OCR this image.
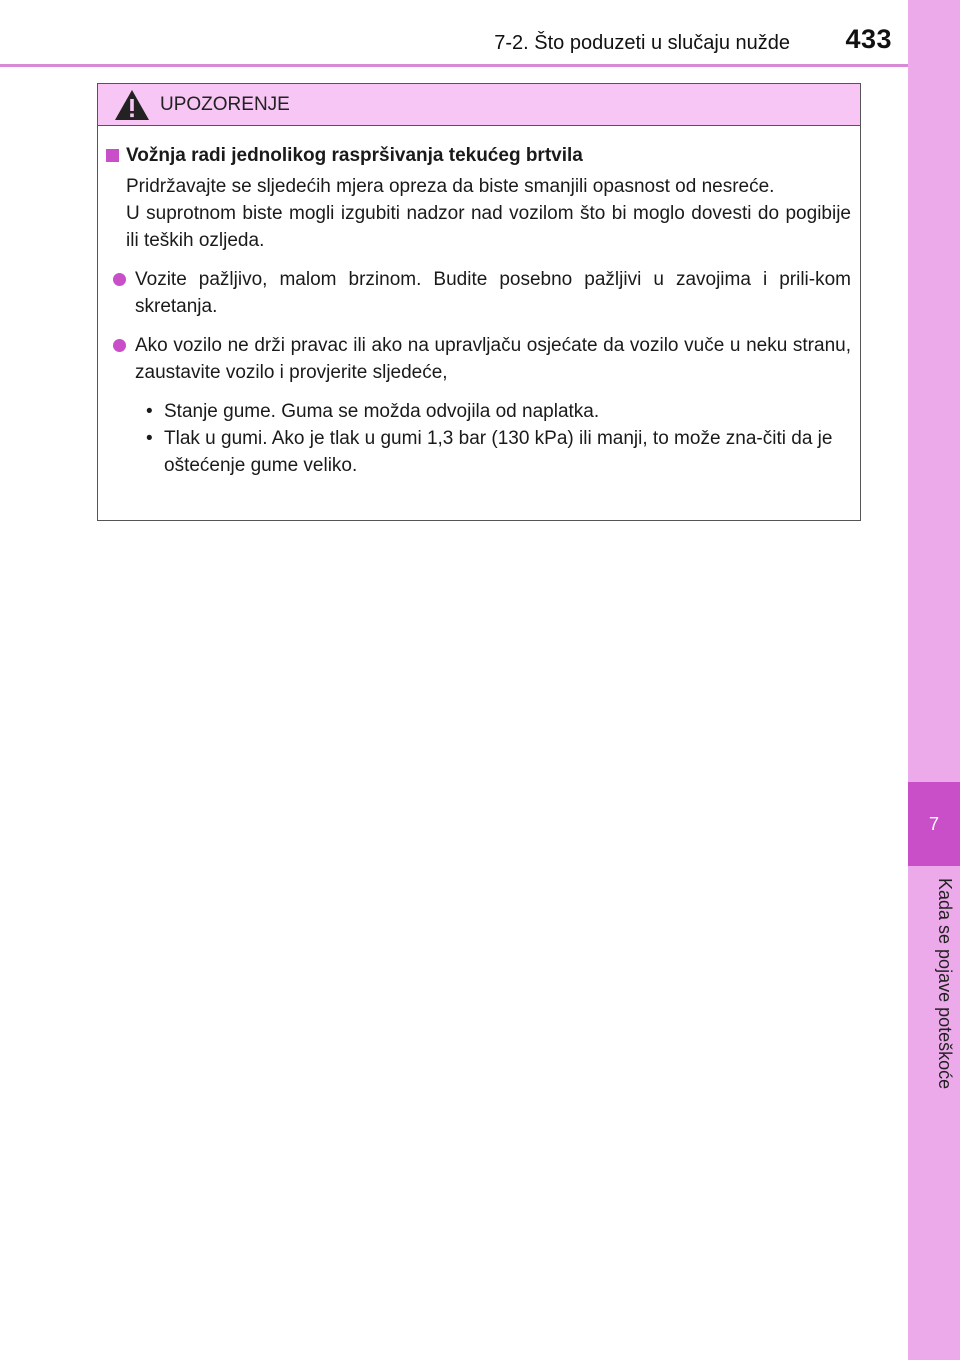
7-2. Što poduzeti u slučaju nužde 433
7
Kada se pojave poteškoće
UPOZORENJE
Vožnja radi jednolikog raspršivanja tekućeg brtvila

Pridržavajte se sljedećih mjera opreza da biste smanjili opasnost od nesreće.

U suprotnom biste mogli izgubiti nadzor nad vozilom što bi moglo dovesti do pogibije ili teških ozljeda.

Vozite pažljivo, malom brzinom. Budite posebno pažljivi u zavojima i prili-kom skretanja.
Ako vozilo ne drži pravac ili ako na upravljaču osjećate da vozilo vuče u neku stranu, zaustavite vozilo i provjerite sljedeće,
• Stanje gume. Guma se možda odvojila od naplatka.
• Tlak u gumi. Ako je tlak u gumi 1,3 bar (130 kPa) ili manji, to može zna-čiti da je oštećenje gume veliko.
